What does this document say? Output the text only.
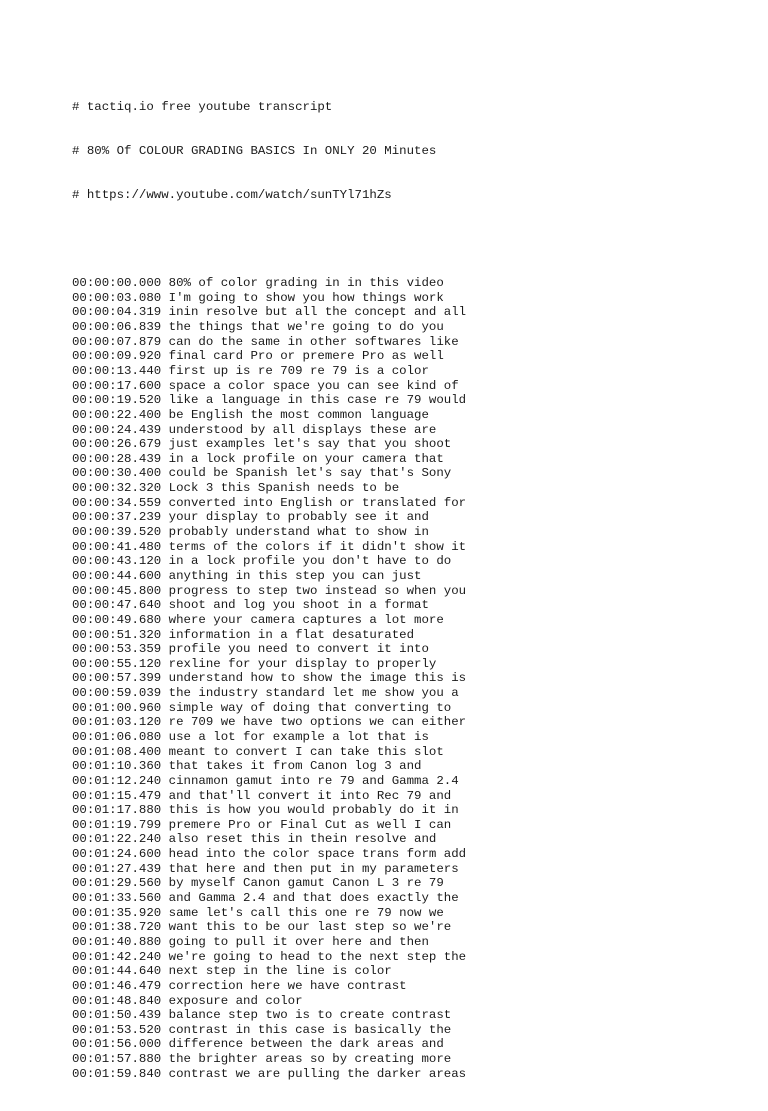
# tactiq.io free youtube transcript

# 80% Of COLOUR GRADING BASICS In ONLY 20 Minutes

# https://www.youtube.com/watch/sunTYl71hZs

00:00:00.000 80% of color grading in in this video
00:00:03.080 I'm going to show you how things work
00:00:04.319 inin resolve but all the concept and all
00:00:06.839 the things that we're going to do you
00:00:07.879 can do the same in other softwares like
00:00:09.920 final card Pro or premere Pro as well
00:00:13.440 first up is re 709 re 79 is a color
00:00:17.600 space a color space you can see kind of
00:00:19.520 like a language in this case re 79 would
00:00:22.400 be English the most common language
00:00:24.439 understood by all displays these are
00:00:26.679 just examples let's say that you shoot
00:00:28.439 in a lock profile on your camera that
00:00:30.400 could be Spanish let's say that's Sony
00:00:32.320 Lock 3 this Spanish needs to be
00:00:34.559 converted into English or translated for
00:00:37.239 your display to probably see it and
00:00:39.520 probably understand what to show in
00:00:41.480 terms of the colors if it didn't show it
00:00:43.120 in a lock profile you don't have to do
00:00:44.600 anything in this step you can just
00:00:45.800 progress to step two instead so when you
00:00:47.640 shoot and log you shoot in a format
00:00:49.680 where your camera captures a lot more
00:00:51.320 information in a flat desaturated
00:00:53.359 profile you need to convert it into
00:00:55.120 rexline for your display to properly
00:00:57.399 understand how to show the image this is
00:00:59.039 the industry standard let me show you a
00:01:00.960 simple way of doing that converting to
00:01:03.120 re 709 we have two options we can either
00:01:06.080 use a lot for example a lot that is
00:01:08.400 meant to convert I can take this slot
00:01:10.360 that takes it from Canon log 3 and
00:01:12.240 cinnamon gamut into re 79 and Gamma 2.4
00:01:15.479 and that'll convert it into Rec 79 and
00:01:17.880 this is how you would probably do it in
00:01:19.799 premere Pro or Final Cut as well I can
00:01:22.240 also reset this in thein resolve and
00:01:24.600 head into the color space trans form add
00:01:27.439 that here and then put in my parameters
00:01:29.560 by myself Canon gamut Canon L 3 re 79
00:01:33.560 and Gamma 2.4 and that does exactly the
00:01:35.920 same let's call this one re 79 now we
00:01:38.720 want this to be our last step so we're
00:01:40.880 going to pull it over here and then
00:01:42.240 we're going to head to the next step the
00:01:44.640 next step in the line is color
00:01:46.479 correction here we have contrast
00:01:48.840 exposure and color
00:01:50.439 balance step two is to create contrast
00:01:53.520 contrast in this case is basically the
00:01:56.000 difference between the dark areas and
00:01:57.880 the brighter areas so by creating more
00:01:59.840 contrast we are pulling the darker areas
